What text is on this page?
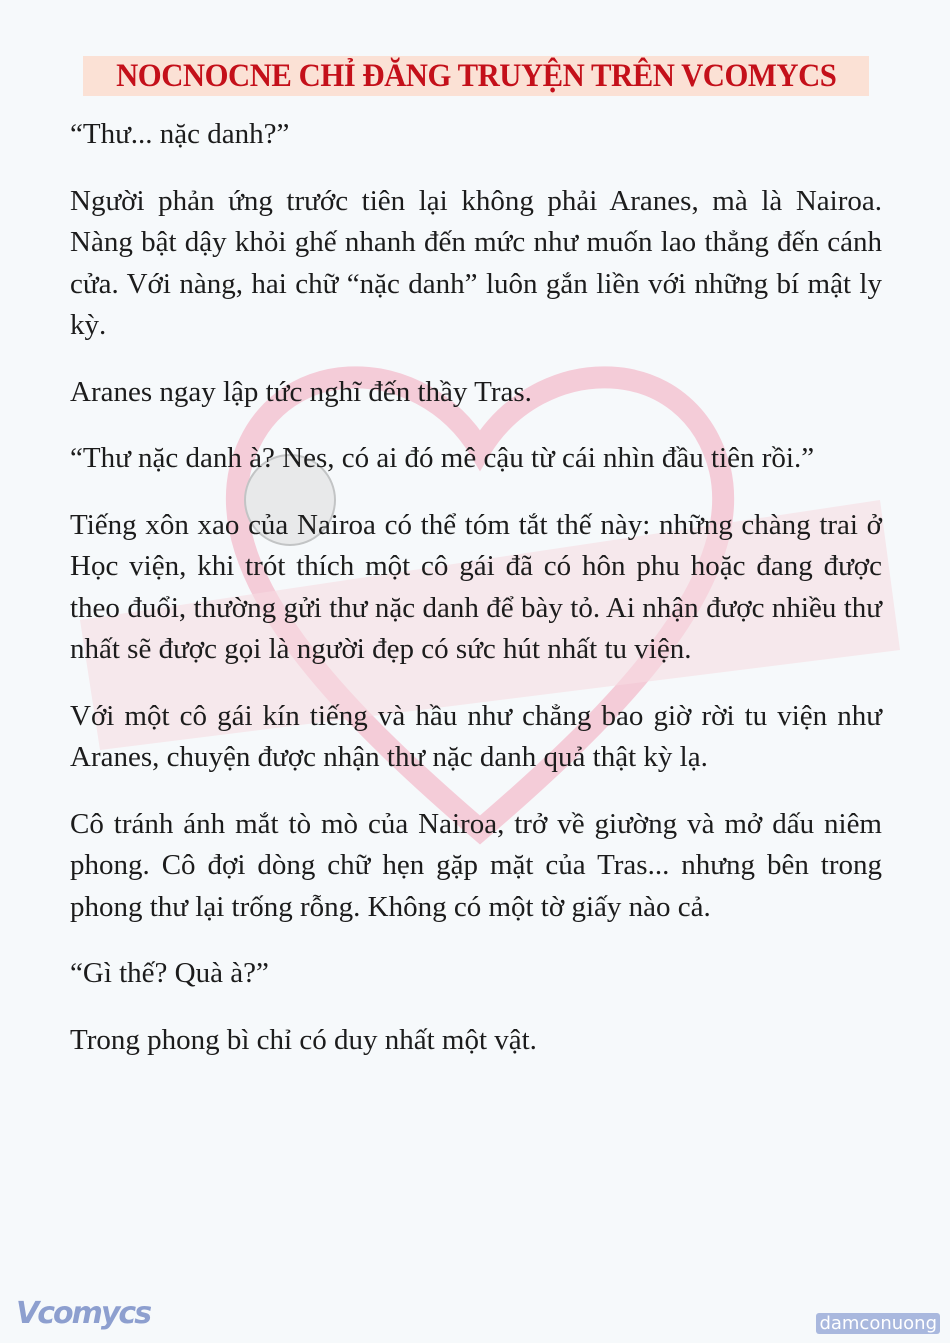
NOCNOCNE CHỈ ĐĂNG TRUYỆN TRÊN VCOMYCS

“Thư... nặc danh?”

Người phản ứng trước tiên lại không phải Aranes, mà là Nairoa. Nàng bật dậy khỏi ghế nhanh đến mức như muốn lao thẳng đến cánh cửa. Với nàng, hai chữ “nặc danh” luôn gắn liền với những bí mật ly kỳ.

Aranes ngay lập tức nghĩ đến thầy Tras.

“Thư nặc danh à? Nes, có ai đó mê cậu từ cái nhìn đầu tiên rồi.”

Tiếng xôn xao của Nairoa có thể tóm tắt thế này: những chàng trai ở Học viện, khi trót thích một cô gái đã có hôn phu hoặc đang được theo đuổi, thường gửi thư nặc danh để bày tỏ. Ai nhận được nhiều thư nhất sẽ được gọi là người đẹp có sức hút nhất tu viện.

Với một cô gái kín tiếng và hầu như chẳng bao giờ rời tu viện như Aranes, chuyện được nhận thư nặc danh quả thật kỳ lạ.

Cô tránh ánh mắt tò mò của Nairoa, trở về giường và mở dấu niêm phong. Cô đợi dòng chữ hẹn gặp mặt của Tras... nhưng bên trong phong thư lại trống rỗng. Không có một tờ giấy nào cả.

“Gì thế? Quà à?”

Trong phong bì chỉ có duy nhất một vật.

Vcomycs	damconuong
